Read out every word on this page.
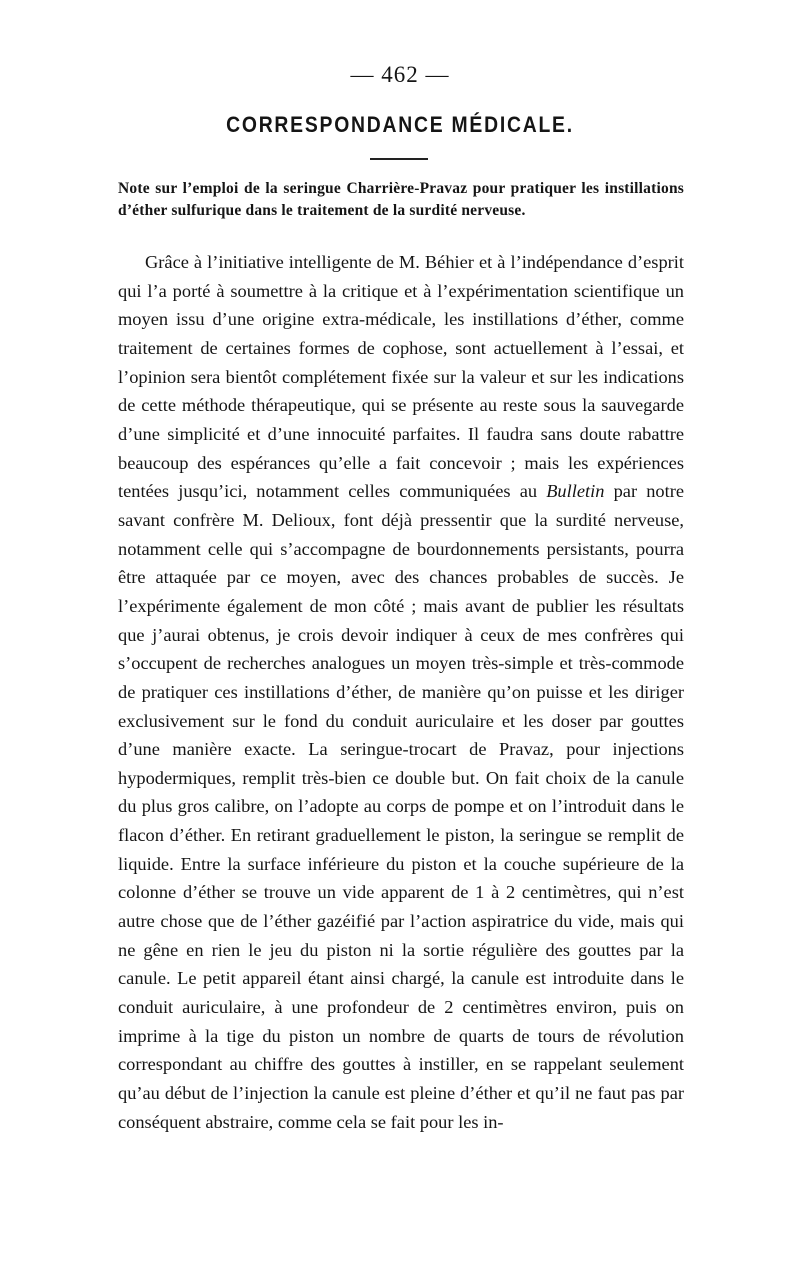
— 462 —
CORRESPONDANCE MÉDICALE.
Note sur l’emploi de la seringue Charrière-Pravaz pour pratiquer les instillations d’éther sulfurique dans le traitement de la surdité nerveuse.

Grâce à l’initiative intelligente de M. Béhier et à l’indépendance d’esprit qui l’a porté à soumettre à la critique et à l’expérimentation scientifique un moyen issu d’une origine extra-médicale, les instillations d’éther, comme traitement de certaines formes de cophose, sont actuellement à l’essai, et l’opinion sera bientôt complétement fixée sur la valeur et sur les indications de cette méthode thérapeutique, qui se présente au reste sous la sauvegarde d’une simplicité et d’une innocuité parfaites. Il faudra sans doute rabattre beaucoup des espérances qu’elle a fait concevoir ; mais les expériences tentées jusqu’ici, notamment celles communiquées au Bulletin par notre savant confrère M. Delioux, font déjà pressentir que la surdité nerveuse, notamment celle qui s’accompagne de bourdonnements persistants, pourra être attaquée par ce moyen, avec des chances probables de succès. Je l’expérimente également de mon côté ; mais avant de publier les résultats que j’aurai obtenus, je crois devoir indiquer à ceux de mes confrères qui s’occupent de recherches analogues un moyen très-simple et très-commode de pratiquer ces instillations d’éther, de manière qu’on puisse et les diriger exclusivement sur le fond du conduit auriculaire et les doser par gouttes d’une manière exacte. La seringue-trocart de Pravaz, pour injections hypodermiques, remplit très-bien ce double but. On fait choix de la canule du plus gros calibre, on l’adopte au corps de pompe et on l’introduit dans le flacon d’éther. En retirant graduellement le piston, la seringue se remplit de liquide. Entre la surface inférieure du piston et la couche supérieure de la colonne d’éther se trouve un vide apparent de 1 à 2 centimètres, qui n’est autre chose que de l’éther gazéifié par l’action aspiratrice du vide, mais qui ne gêne en rien le jeu du piston ni la sortie régulière des gouttes par la canule. Le petit appareil étant ainsi chargé, la canule est introduite dans le conduit auriculaire, à une profondeur de 2 centimètres environ, puis on imprime à la tige du piston un nombre de quarts de tours de révolution correspondant au chiffre des gouttes à instiller, en se rappelant seulement qu’au début de l’injection la canule est pleine d’éther et qu’il ne faut pas par conséquent abstraire, comme cela se fait pour les in-
